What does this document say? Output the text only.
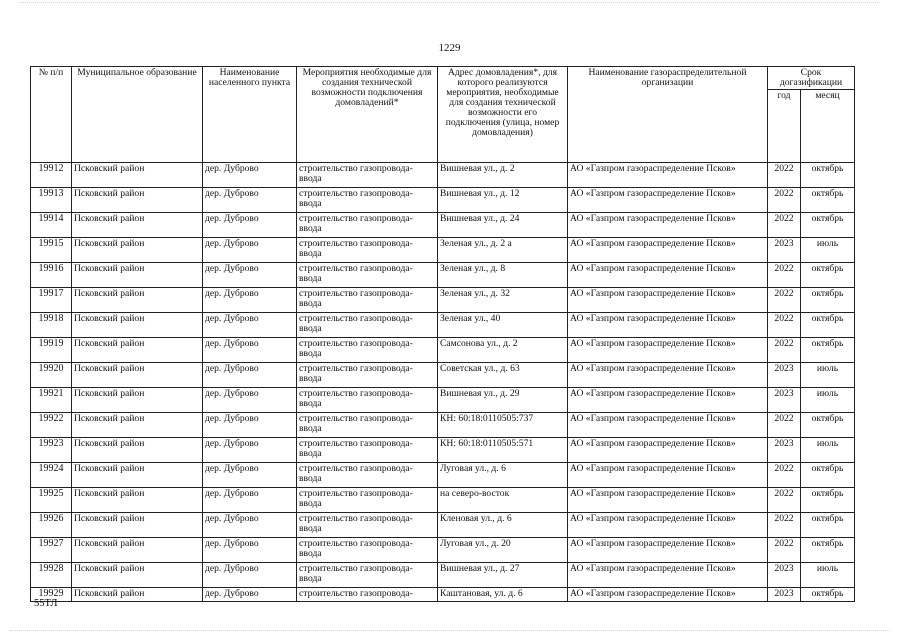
1229
№ п/п	Муниципальное образование	Наименование населенного пункта	Мероприятия необходимые для создания технической возможности подключения домовладений*	Адрес домовладения*, для которого реализуются мероприятия, необходимые для создания технической возможности его подключения (улица, номер домовладения)	Наименование газораспределительной организации	Срок догазификации	
						год	месяц
19912	Псковский район	дер. Дуброво	строительство газопровода-ввода	Вишневая ул., д. 2	АО «Газпром газораспределение Псков»	2022	октябрь
19913	Псковский район	дер. Дуброво	строительство газопровода-ввода	Вишневая ул., д. 12	АО «Газпром газораспределение Псков»	2022	октябрь
19914	Псковский район	дер. Дуброво	строительство газопровода-ввода	Вишневая ул., д. 24	АО «Газпром газораспределение Псков»	2022	октябрь
19915	Псковский район	дер. Дуброво	строительство газопровода-ввода	Зеленая ул., д. 2 а	АО «Газпром газораспределение Псков»	2023	июль
19916	Псковский район	дер. Дуброво	строительство газопровода-ввода	Зеленая ул., д. 8	АО «Газпром газораспределение Псков»	2022	октябрь
19917	Псковский район	дер. Дуброво	строительство газопровода-ввода	Зеленая ул., д. 32	АО «Газпром газораспределение Псков»	2022	октябрь
19918	Псковский район	дер. Дуброво	строительство газопровода-ввода	Зеленая ул., 40	АО «Газпром газораспределение Псков»	2022	октябрь
19919	Псковский район	дер. Дуброво	строительство газопровода-ввода	Самсонова ул., д. 2	АО «Газпром газораспределение Псков»	2022	октябрь
19920	Псковский район	дер. Дуброво	строительство газопровода-ввода	Советская ул., д. 63	АО «Газпром газораспределение Псков»	2023	июль
19921	Псковский район	дер. Дуброво	строительство газопровода-ввода	Вишневая ул., д. 29	АО «Газпром газораспределение Псков»	2023	июль
19922	Псковский район	дер. Дуброво	строительство газопровода-ввода	КН: 60:18:0110505:737	АО «Газпром газораспределение Псков»	2022	октябрь
19923	Псковский район	дер. Дуброво	строительство газопровода-ввода	КН: 60:18:0110505:571	АО «Газпром газораспределение Псков»	2023	июль
19924	Псковский район	дер. Дуброво	строительство газопровода-ввода	Луговая ул., д. 6	АО «Газпром газораспределение Псков»	2022	октябрь
19925	Псковский район	дер. Дуброво	строительство газопровода-ввода	на северо-восток	АО «Газпром газораспределение Псков»	2022	октябрь
19926	Псковский район	дер. Дуброво	строительство газопровода-ввода	Кленовая ул., д. 6	АО «Газпром газораспределение Псков»	2022	октябрь
19927	Псковский район	дер. Дуброво	строительство газопровода-ввода	Луговая ул., д. 20	АО «Газпром газораспределение Псков»	2022	октябрь
19928	Псковский район	дер. Дуброво	строительство газопровода-ввода	Вишневая ул., д. 27	АО «Газпром газораспределение Псков»	2023	июль
19929	Псковский район	дер. Дуброво	строительство газопровода-	Каштановая, ул. д. 6	АО «Газпром газораспределение Псков»	2023	октябрь
55ТЛ
